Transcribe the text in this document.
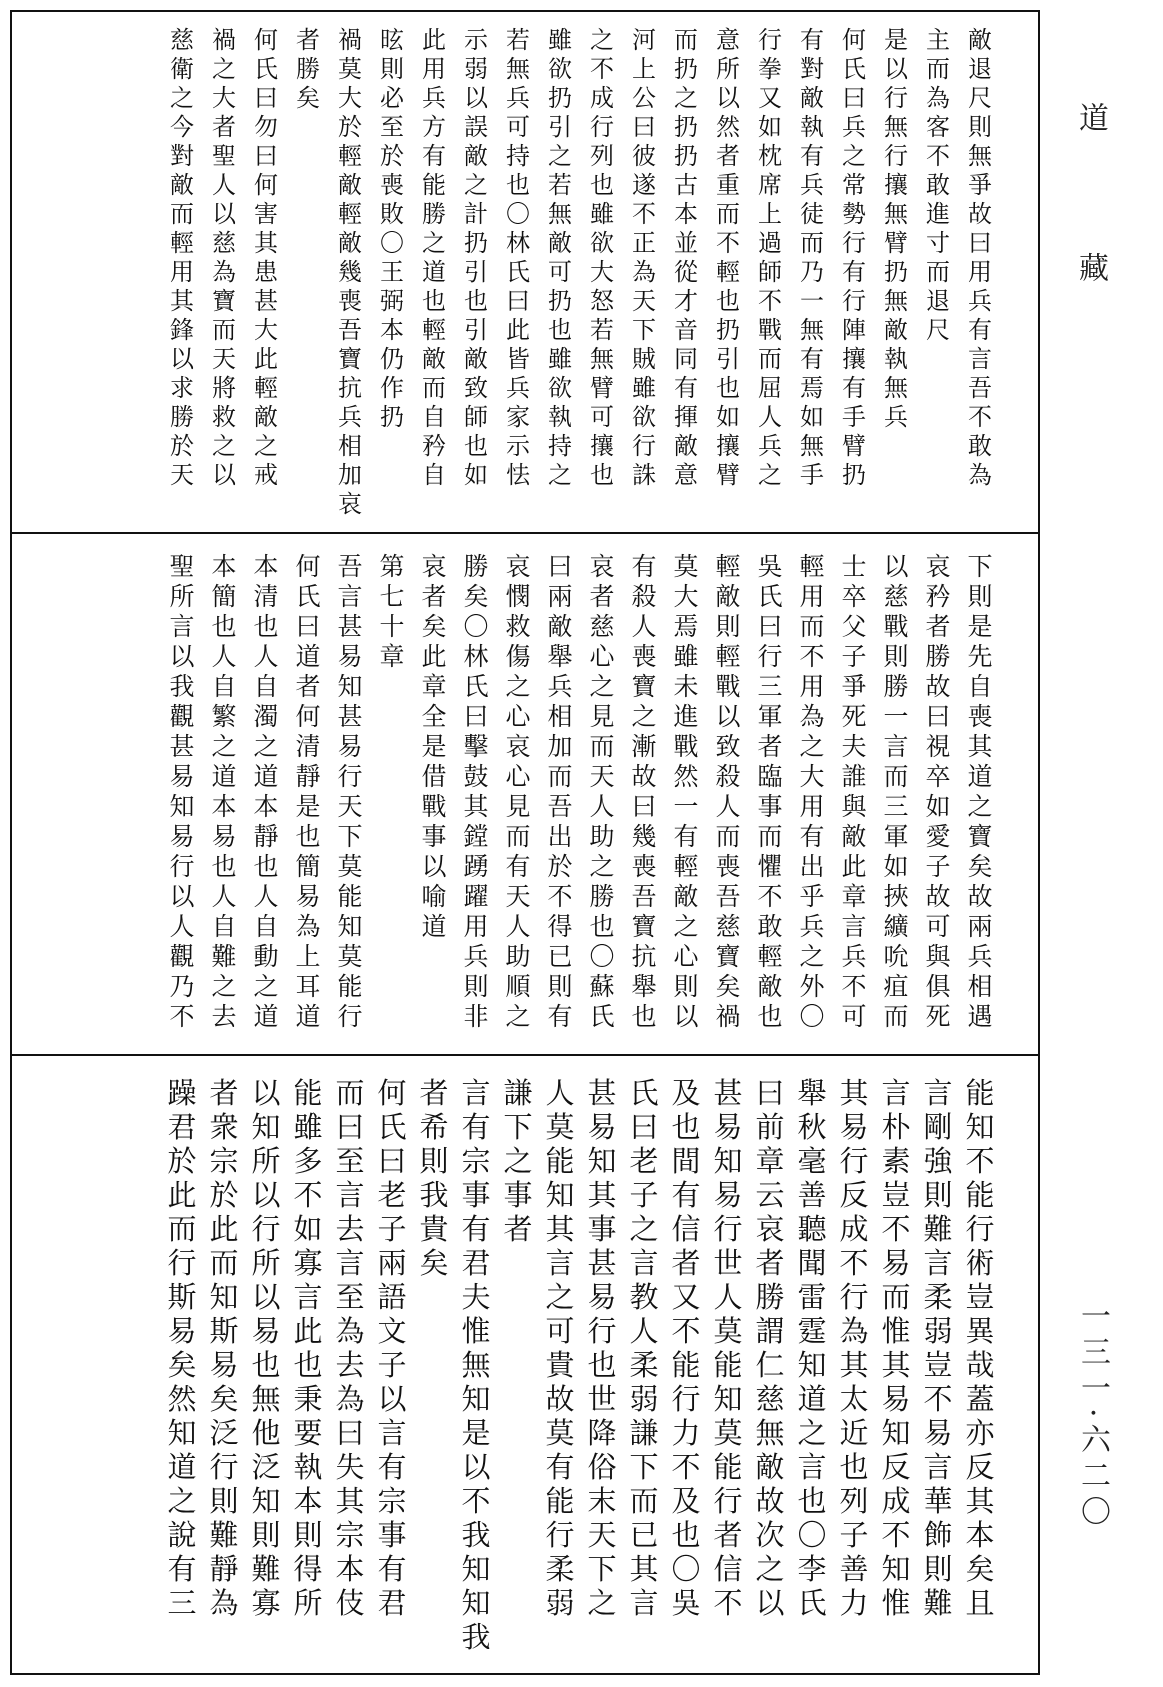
敵
退
尺
則
無
爭
故
曰
用
兵
有
言
吾
不
敢
為
主
而
為
客
不
敢
進
寸
而
退
尺
是
以
行
無
行
攘
無
臂
扔
無
敵
執
無
兵
何
氏
曰
兵
之
常
勢
行
有
行
陣
攘
有
手
臂
扔
有
對
敵
執
有
兵
徒
而
乃
一
無
有
焉
如
無
手
行
拳
又
如
枕
席
上
過
師
不
戰
而
屈
人
兵
之
意
所
以
然
者
重
而
不
輕
也
扔
引
也
如
攘
臂
而
扔
之
扔
扔
古
本
並
從
才
音
同
有
揮
敵
意
河
上
公
曰
彼
遂
不
正
為
天
下
賊
雖
欲
行
誅
之
不
成
行
列
也
雖
欲
大
怒
若
無
臂
可
攘
也
雖
欲
扔
引
之
若
無
敵
可
扔
也
雖
欲
執
持
之
若
無
兵
可
持
也
〇
林
氏
曰
此
皆
兵
家
示
怯
示
弱
以
誤
敵
之
計
扔
引
也
引
敵
致
師
也
如
此
用
兵
方
有
能
勝
之
道
也
輕
敵
而
自
矜
自
昡
則
必
至
於
喪
敗
〇
王
弼
本
仍
作
扔
禍
莫
大
於
輕
敵
輕
敵
幾
喪
吾
寶
抗
兵
相
加
哀
者
勝
矣
何
氏
曰
勿
曰
何
害
其
患
甚
大
此
輕
敵
之
戒
禍
之
大
者
聖
人
以
慈
為
寶
而
天
將
救
之
以
慈
衛
之
今
對
敵
而
輕
用
其
鋒
以
求
勝
於
天
下
則
是
先
自
喪
其
道
之
寶
矣
故
兩
兵
相
遇
哀
矜
者
勝
故
曰
視
卒
如
愛
子
故
可
與
俱
死
以
慈
戰
則
勝
一
言
而
三
軍
如
挾
纊
吮
疽
而
士
卒
父
子
爭
死
夫
誰
與
敵
此
章
言
兵
不
可
輕
用
而
不
用
為
之
大
用
有
出
乎
兵
之
外
〇
吳
氏
曰
行
三
軍
者
臨
事
而
懼
不
敢
輕
敵
也
輕
敵
則
輕
戰
以
致
殺
人
而
喪
吾
慈
寶
矣
禍
莫
大
焉
雖
未
進
戰
然
一
有
輕
敵
之
心
則
以
有
殺
人
喪
寶
之
漸
故
曰
幾
喪
吾
寶
抗
舉
也
哀
者
慈
心
之
見
而
天
人
助
之
勝
也
〇
蘇
氏
曰
兩
敵
舉
兵
相
加
而
吾
出
於
不
得
已
則
有
哀
憫
救
傷
之
心
哀
心
見
而
有
天
人
助
順
之
勝
矣
〇
林
氏
曰
擊
鼓
其
鏜
踴
躍
用
兵
則
非
哀
者
矣
此
章
全
是
借
戰
事
以
喻
道
第
七
十
章
吾
言
甚
易
知
甚
易
行
天
下
莫
能
知
莫
能
行
何
氏
曰
道
者
何
清
靜
是
也
簡
易
為
上
耳
道
本
清
也
人
自
濁
之
道
本
靜
也
人
自
動
之
道
本
簡
也
人
自
繁
之
道
本
易
也
人
自
難
之
去
聖
所
言
以
我
觀
甚
易
知
易
行
以
人
觀
乃
不
能
知
不
能
行
術
豈
異
哉
蓋
亦
反
其
本
矣
且
言
剛
強
則
難
言
柔
弱
豈
不
易
言
華
飾
則
難
言
朴
素
豈
不
易
而
惟
其
易
知
反
成
不
知
惟
其
易
行
反
成
不
行
為
其
太
近
也
列
子
善
力
舉
秋
毫
善
聽
聞
雷
霆
知
道
之
言
也
〇
李
氏
曰
前
章
云
哀
者
勝
謂
仁
慈
無
敵
故
次
之
以
甚
易
知
易
行
世
人
莫
能
知
莫
能
行
者
信
不
及
也
間
有
信
者
又
不
能
行
力
不
及
也
〇
吳
氏
曰
老
子
之
言
教
人
柔
弱
謙
下
而
已
其
言
甚
易
知
其
事
甚
易
行
也
世
降
俗
末
天
下
之
人
莫
能
知
其
言
之
可
貴
故
莫
有
能
行
柔
弱
謙
下
之
事
者
言
有
宗
事
有
君
夫
惟
無
知
是
以
不
我
知
知
我
者
希
則
我
貴
矣
何
氏
曰
老
子
兩
語
文
子
以
言
有
宗
事
有
君
而
曰
至
言
去
言
至
為
去
為
曰
失
其
宗
本
伎
能
雖
多
不
如
寡
言
此
也
秉
要
執
本
則
得
所
以
知
所
以
行
所
以
易
也
無
他
泛
知
則
難
寡
者
衆
宗
於
此
而
知
斯
易
矣
泛
行
則
難
靜
為
躁
君
於
此
而
行
斯
易
矣
然
知
道
之
說
有
三
道
藏
一三一·六二〇
